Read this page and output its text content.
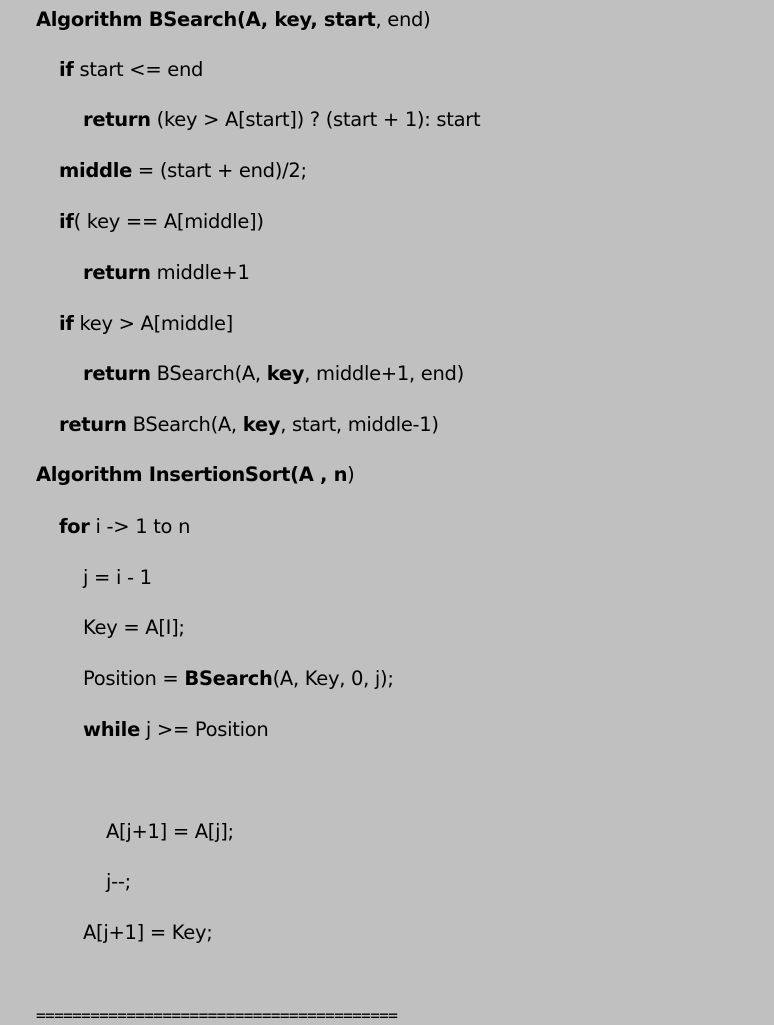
Algorithm BSearch(A, key, start, end)
if start <= end
return (key > A[start]) ? (start + 1): start
middle = (start + end)/2;
if( key == A[middle])
return middle+1
if key > A[middle]
return BSearch(A, key, middle+1, end)
return BSearch(A, key, start, middle-1)
Algorithm InsertionSort(A , n)
for i -> 1 to n
j = i - 1
Key = A[I];
Position = BSearch(A, Key, 0, j);
while j >= Position
A[j+1] = A[j];
j--;
A[j+1] = Key;
========================================
